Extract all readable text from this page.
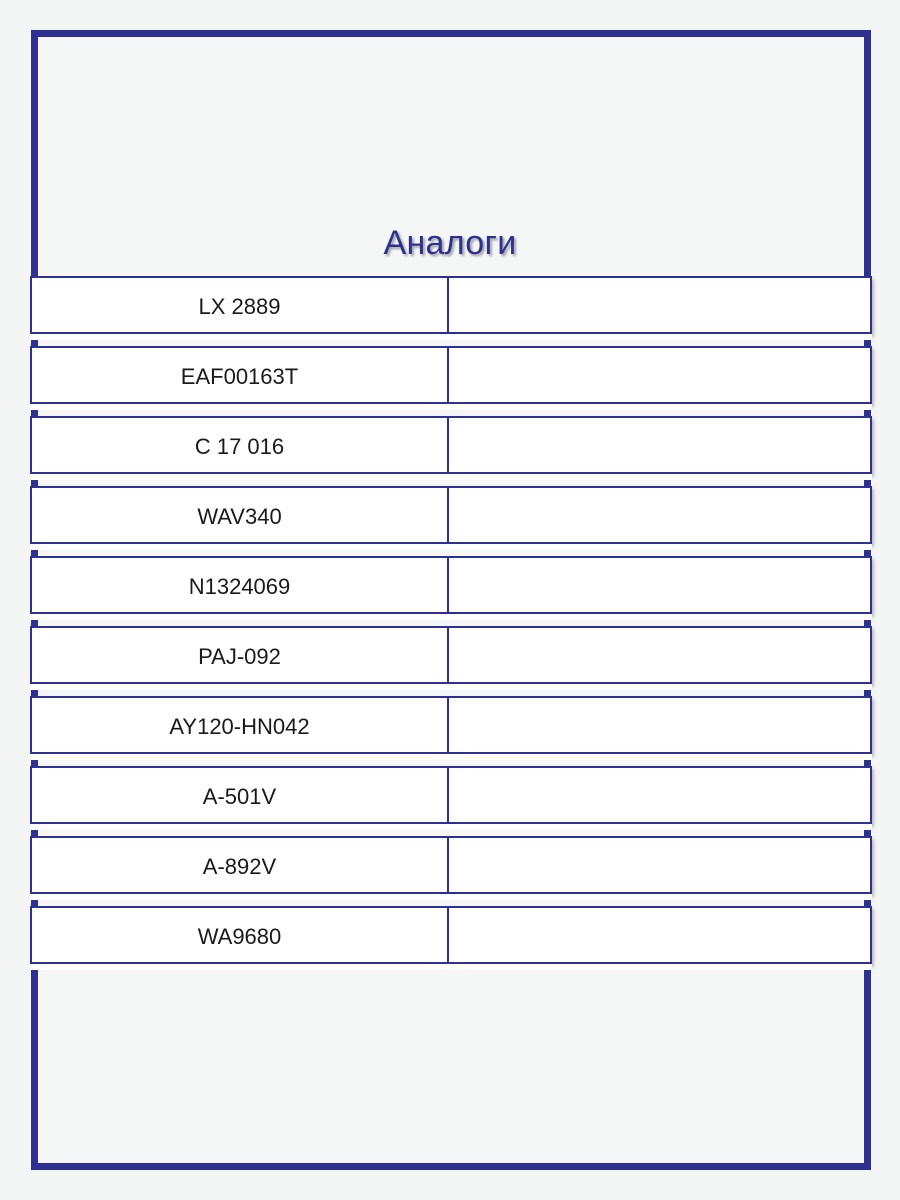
Аналоги
LX 2889
EAF00163T
C 17 016
WAV340
N1324069
PAJ-092
AY120-HN042
A-501V
A-892V
WA9680
